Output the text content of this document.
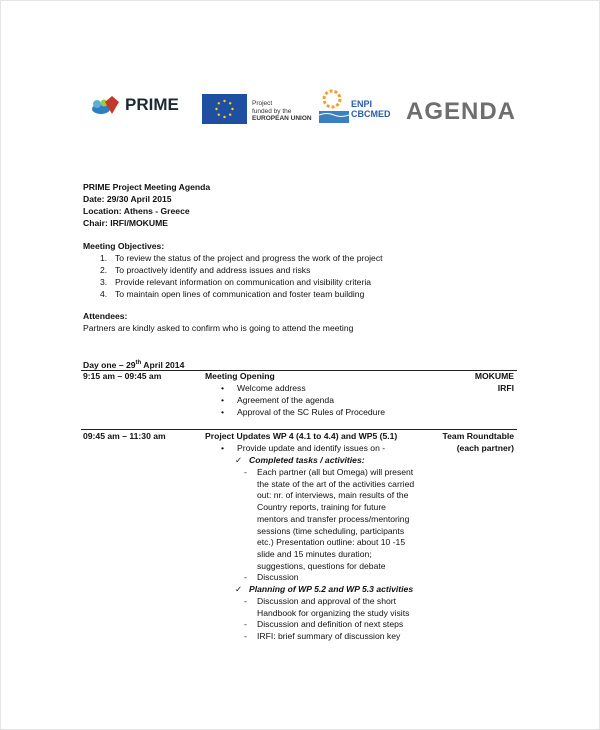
PRIME	Project
funded by the
EUROPEAN UNION
ENPI
CBCMED AGENDA
PRIME Project Meeting Agenda
Date: 29/30 April 2015
Location: Athens - Greece
Chair: IRFI/MOKUME
Meeting Objectives:
1. To review the status of the project and progress the work of the project
2. To proactively identify and address issues and risks
3. Provide relevant information on communication and visibility criteria
4. To maintain open lines of communication and foster team building
Attendees:
Partners are kindly asked to confirm who is going to attend the meeting
Day one – 29th April 2014
9:15 am – 09:45 am	Meeting Opening	MOKUME
IRFI
• Welcome address
• Agreement of the agenda
• Approval of the SC Rules of Procedure
09:45 am – 11:30 am	Project Updates WP 4 (4.1 to 4.4) and WP5 (5.1)	Team Roundtable
(each partner)
• Provide update and identify issues on -
✓ Completed tasks / activities:
- Each partner (all but Omega) will present
the state of the art of the activities carried
out: nr. of interviews, main results of the
Country reports, training for future
mentors and transfer process/mentoring
sessions (time scheduling, participants
etc.) Presentation outline: about 10 -15
slide and 15 minutes duration;
suggestions, questions for debate
- Discussion
✓ Planning of WP 5.2 and WP 5.3 activities
- Discussion and approval of the short
Handbook for organizing the study visits
- Discussion and definition of next steps
- IRFI: brief summary of discussion key
